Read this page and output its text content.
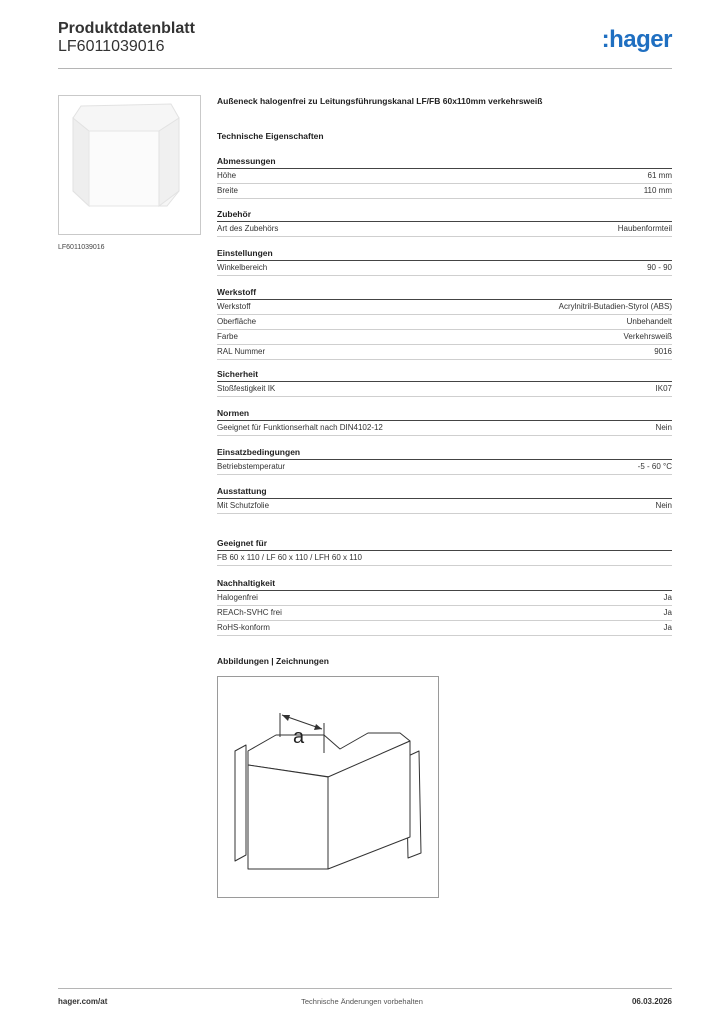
Produktdatenblatt
LF6011039016	:hager
LF6011039016
Außeneck halogenfrei zu Leitungsführungskanal LF/FB 60x110mm verkehrsweiß
Technische Eigenschaften
Abmessungen
Höhe	61 mm
Breite	110 mm
Zubehör
Art des Zubehörs	Haubenformteil
Einstellungen
Winkelbereich	90 - 90
Werkstoff
Werkstoff	Acrylnitril-Butadien-Styrol (ABS)
Oberfläche	Unbehandelt
Farbe	Verkehrsweiß
RAL Nummer	9016
Sicherheit
Stoßfestigkeit IK	IK07
Normen
Geeignet für Funktionserhalt nach DIN4102-12	Nein
Einsatzbedingungen
Betriebstemperatur	-5 - 60 °C
Ausstattung
Mit Schutzfolie	Nein
Geeignet für
FB 60 x 110 / LF 60 x 110 / LFH 60 x 110
Nachhaltigkeit
Halogenfrei	Ja
REACh-SVHC frei	Ja
RoHS-konform	Ja
Abbildungen | Zeichnungen
a
hager.com/at	Technische Änderungen vorbehalten	06.03.2026
